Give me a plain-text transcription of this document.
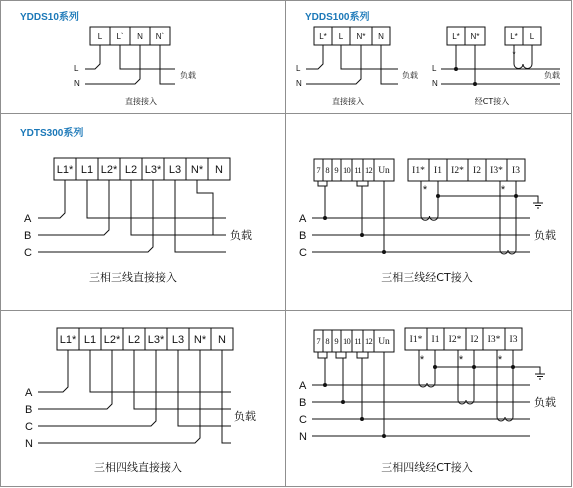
YDDS10系列
L L` N N`
L
N
负载
直接接入
YDDS100系列
L* L N* N
L
N
负载
直接接入
L* N*	L* L
*
L
N
负载
经CT接入
YDTS300系列
L1* L1 L2* L2 L3* L3 N* N
A
B
C
负载
三相三线直接接入
7 8 9 10 11 12 Un I1* I1 I2* I2 I3* I3
*	*
A
B
C
负载
三相三线经CT接入
L1* L1 L2* L2 L3* L3 N* N
A
B
C
N
负载
三相四线直接接入
7 8 9 10 11 12 Un I1* I1 I2* I2 I3* I3
*	*	*
A
B
C
N
负载
三相四线经CT接入
